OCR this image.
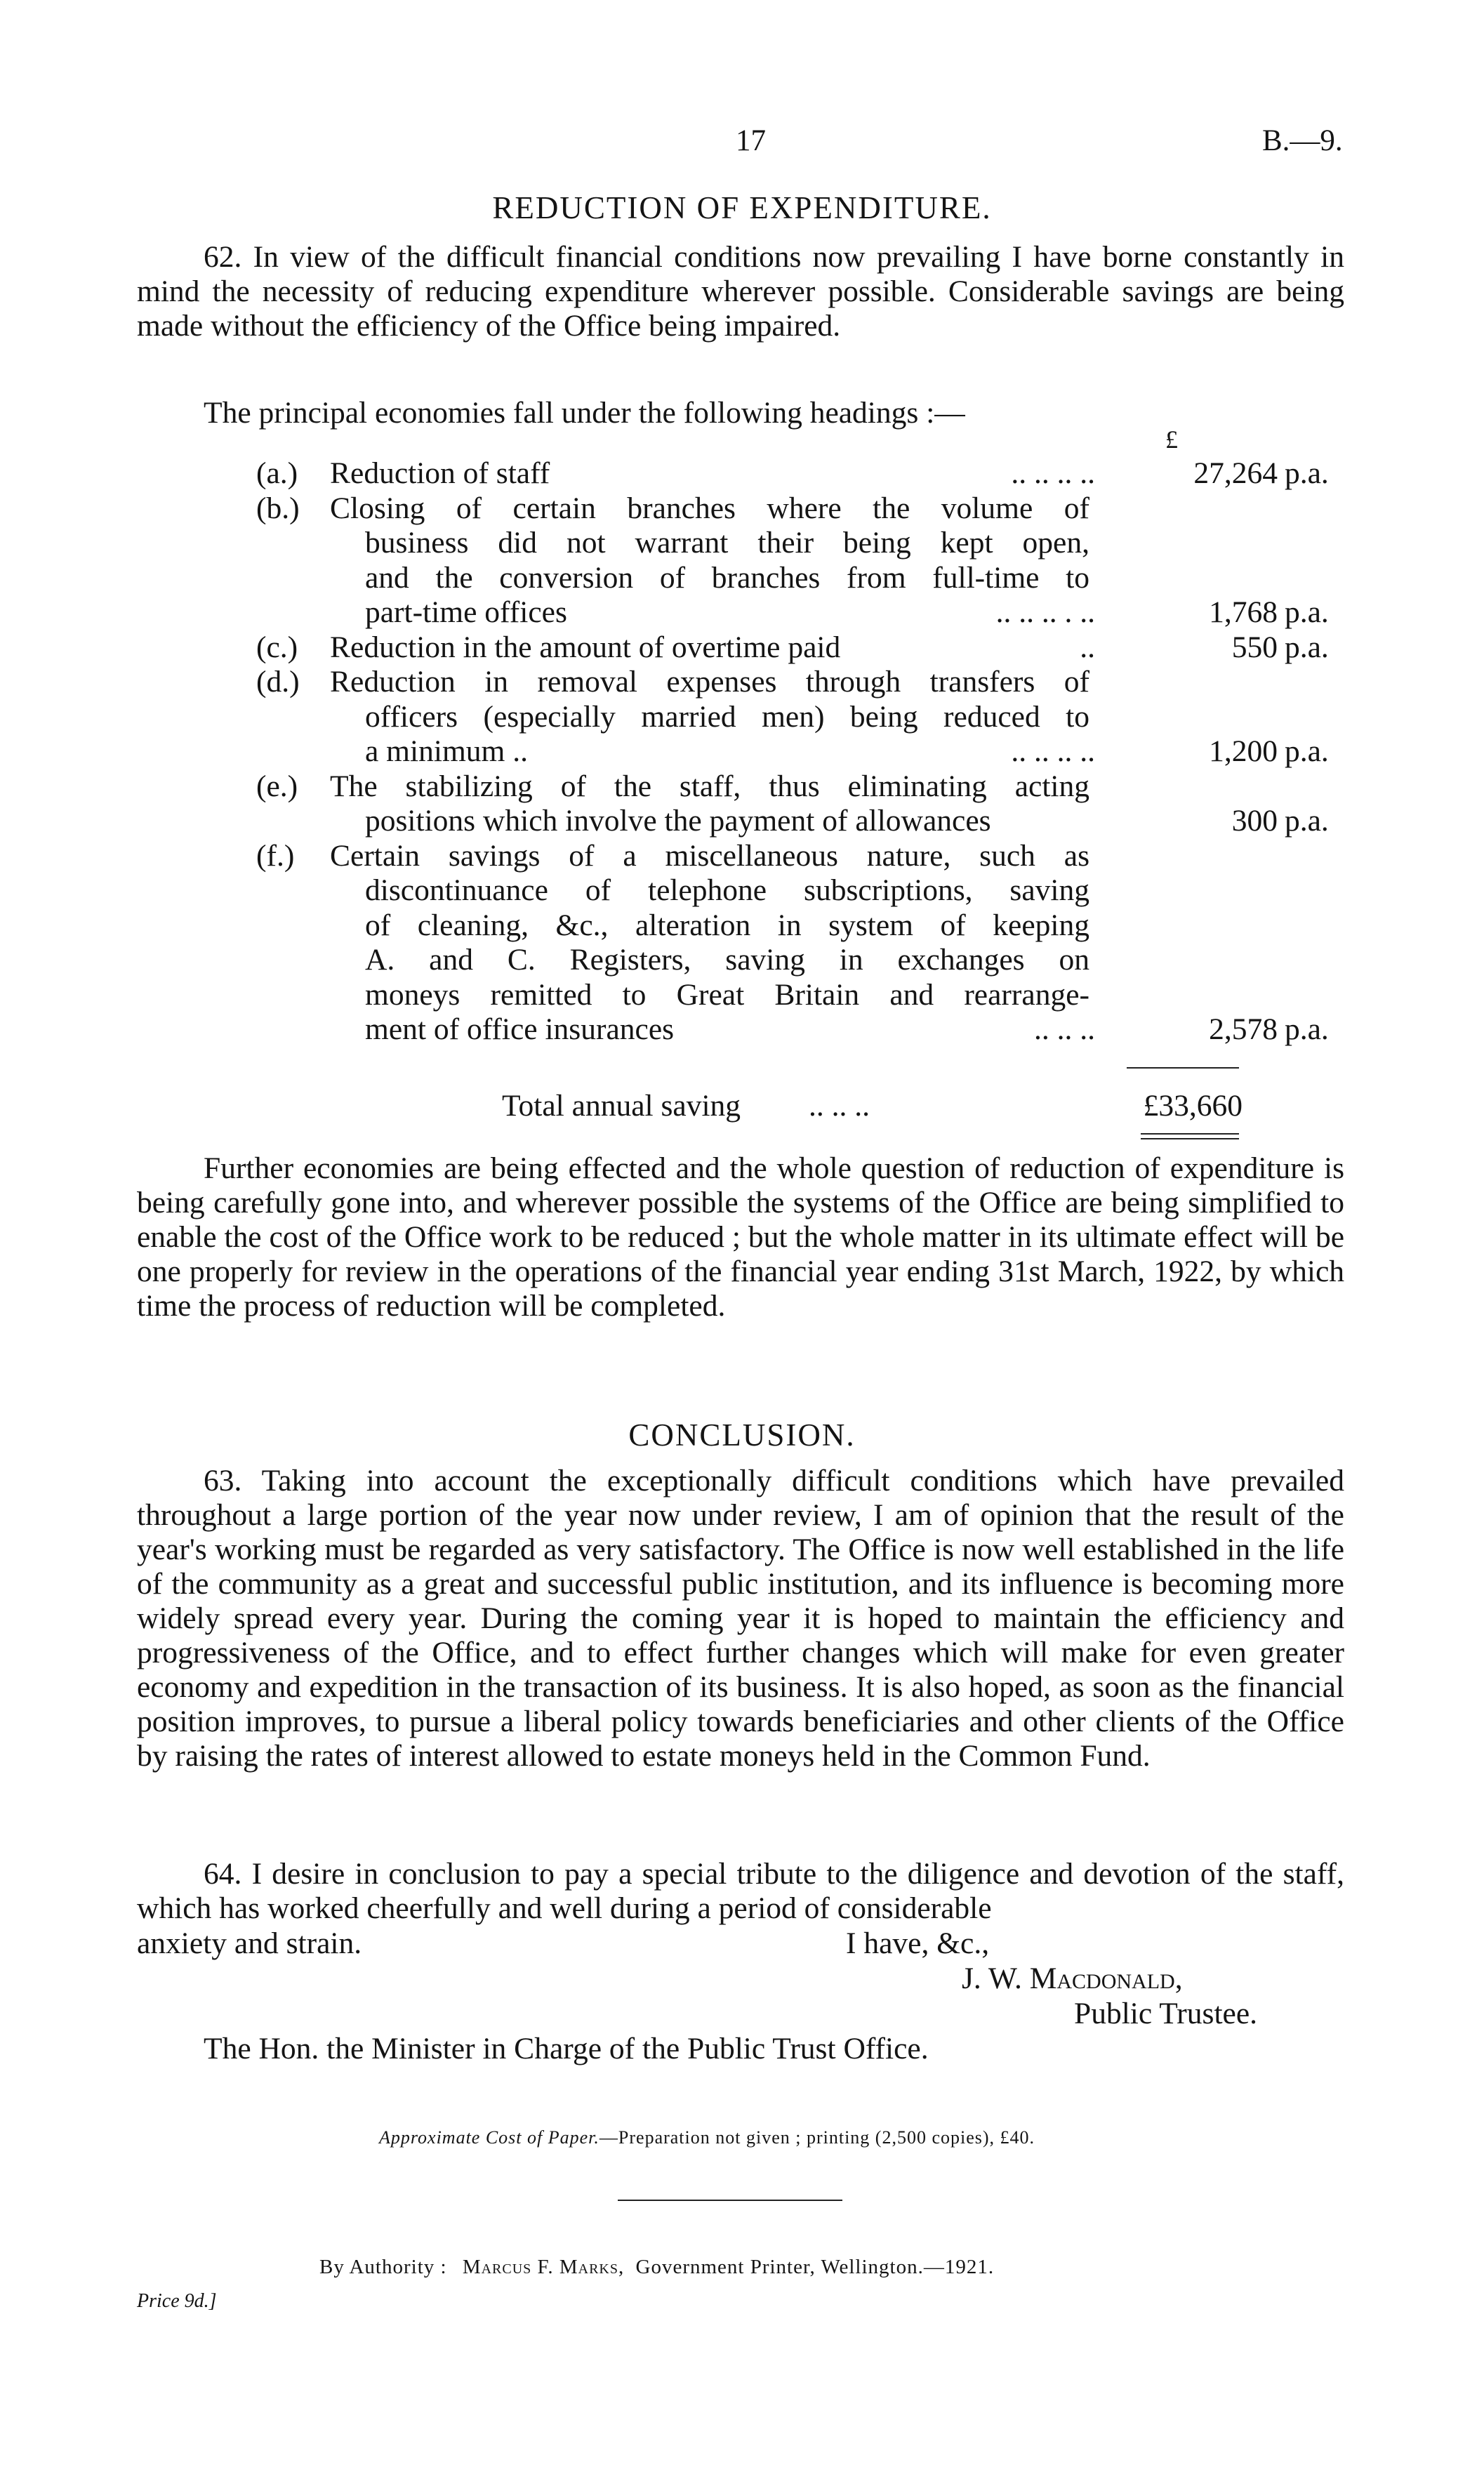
17	B.—9.
REDUCTION OF EXPENDITURE.

62. In view of the difficult financial conditions now prevailing I have borne constantly in mind the necessity of reducing expenditure wherever possible. Considerable savings are being made without the efficiency of the Office being impaired.

The principal economies fall under the following headings :—
£
(a.) Reduction of staff	.. .. .. ..	27,264 p.a.
(b.) Closing of certain branches where the volume of
business did not warrant their being kept open,
and the conversion of branches from full-time to
part-time offices	.. .. .. . ..	1,768 p.a.
(c.) Reduction in the amount of overtime paid	..	550 p.a.
(d.) Reduction in removal expenses through transfers of
officers (especially married men) being reduced to
a minimum ..	.. .. .. ..	1,200 p.a.
(e.) The stabilizing of the staff, thus eliminating acting
positions which involve the payment of allowances	300 p.a.
(f.) Certain savings of a miscellaneous nature, such as
discontinuance of telephone subscriptions, saving
of cleaning, &c., alteration in system of keeping
A. and C. Registers, saving in exchanges on
moneys remitted to Great Britain and rearrange-
ment of office insurances	.. .. ..	2,578 p.a.
Total annual saving .. .. ..	£33,660

Further economies are being effected and the whole question of reduction of expenditure is being carefully gone into, and wherever possible the systems of the Office are being simplified to enable the cost of the Office work to be reduced ; but the whole matter in its ultimate effect will be one properly for review in the operations of the financial year ending 31st March, 1922, by which time the process of reduction will be completed.

CONCLUSION.

63. Taking into account the exceptionally difficult conditions which have prevailed throughout a large portion of the year now under review, I am of opinion that the result of the year's working must be regarded as very satisfactory. The Office is now well established in the life of the community as a great and successful public institution, and its influence is becoming more widely spread every year. During the coming year it is hoped to maintain the efficiency and progressiveness of the Office, and to effect further changes which will make for even greater economy and expedition in the transaction of its business. It is also hoped, as soon as the financial position improves, to pursue a liberal policy towards beneficiaries and other clients of the Office by raising the rates of interest allowed to estate moneys held in the Common Fund.

64. I desire in conclusion to pay a special tribute to the diligence and devotion of the staff, which has worked cheerfully and well during a period of considerable

anxiety and strain.	I have, &c.,
J. W. Macdonald,
Public Trustee.
The Hon. the Minister in Charge of the Public Trust Office.
Approximate Cost of Paper.—Preparation not given ; printing (2,500 copies), £40.
By Authority : Marcus F. Marks, Government Printer, Wellington.—1921.
Price 9d.]
